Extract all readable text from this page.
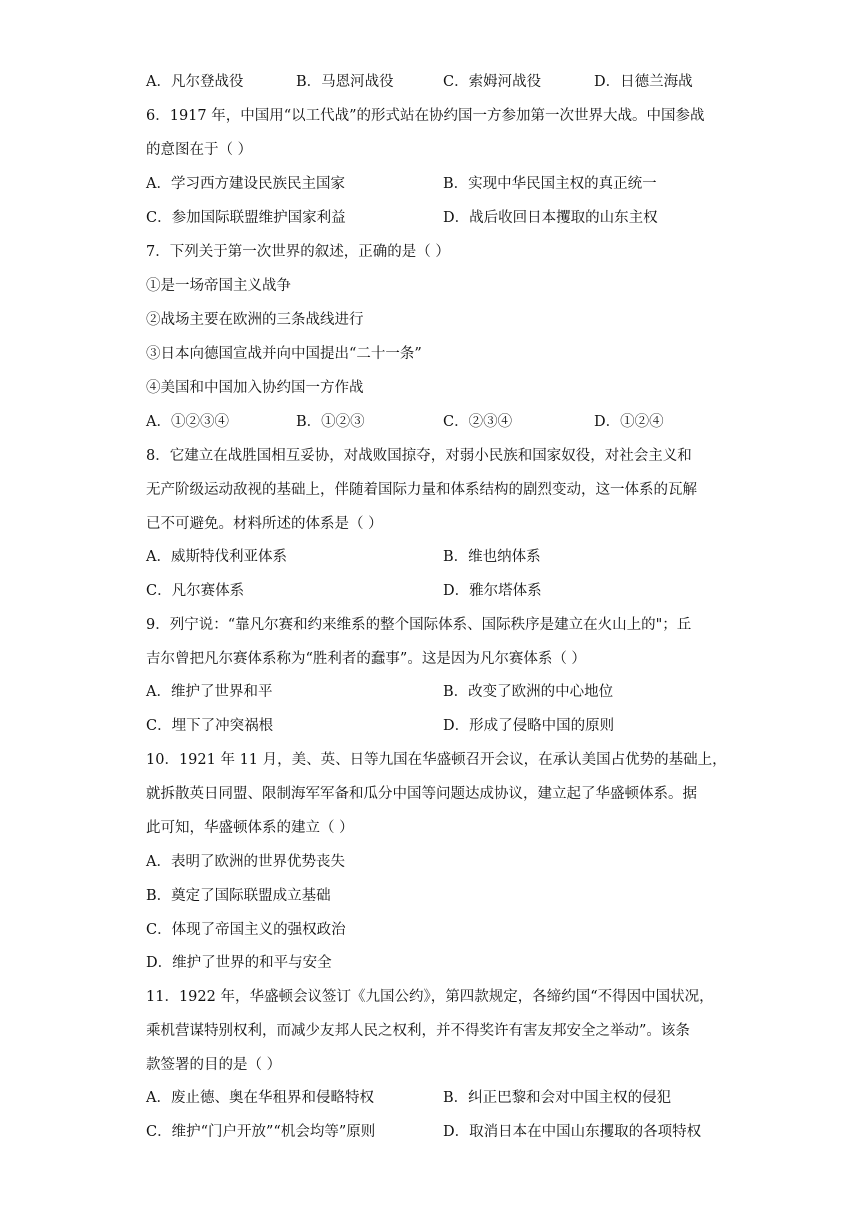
A．凡尔登战役	B．马恩河战役	C．索姆河战役	D．日德兰海战
6．1917 年，中国用“以工代战”的形式站在协约国一方参加第一次世界大战。中国参战
的意图在于（ ）
A．学习西方建设民族民主国家	B．实现中华民国主权的真正统一
C．参加国际联盟维护国家利益	D．战后收回日本攫取的山东主权
7．下列关于第一次世界的叙述，正确的是（ ）
①是一场帝国主义战争
②战场主要在欧洲的三条战线进行
③日本向德国宣战并向中国提出“二十一条”
④美国和中国加入协约国一方作战
A．①②③④	B．①②③	C．②③④	D．①②④
8．它建立在战胜国相互妥协，对战败国掠夺，对弱小民族和国家奴役，对社会主义和
无产阶级运动敌视的基础上，伴随着国际力量和体系结构的剧烈变动，这一体系的瓦解
已不可避免。材料所述的体系是（ ）
A．威斯特伐利亚体系	B．维也纳体系
C．凡尔赛体系	D．雅尔塔体系
9．列宁说：“靠凡尔赛和约来维系的整个国际体系、国际秩序是建立在火山上的"；丘
吉尔曾把凡尔赛体系称为“胜利者的蠢事”。这是因为凡尔赛体系（ ）
A．维护了世界和平	B．改变了欧洲的中心地位
C．埋下了冲突祸根	D．形成了侵略中国的原则
10．1921 年 11 月，美、英、日等九国在华盛顿召开会议，在承认美国占优势的基础上，
就拆散英日同盟、限制海军军备和瓜分中国等问题达成协议，建立起了华盛顿体系。据
此可知，华盛顿体系的建立（ ）
A．表明了欧洲的世界优势丧失
B．奠定了国际联盟成立基础
C．体现了帝国主义的强权政治
D．维护了世界的和平与安全
11．1922 年，华盛顿会议签订《九国公约》，第四款规定，各缔约国“不得因中国状况，
乘机营谋特别权利，而减少友邦人民之权利，并不得奖许有害友邦安全之举动”。该条
款签署的目的是（ ）
A．废止德、奥在华租界和侵略特权	B．纠正巴黎和会对中国主权的侵犯
C．维护“门户开放”“机会均等”原则	D．取消日本在中国山东攫取的各项特权
